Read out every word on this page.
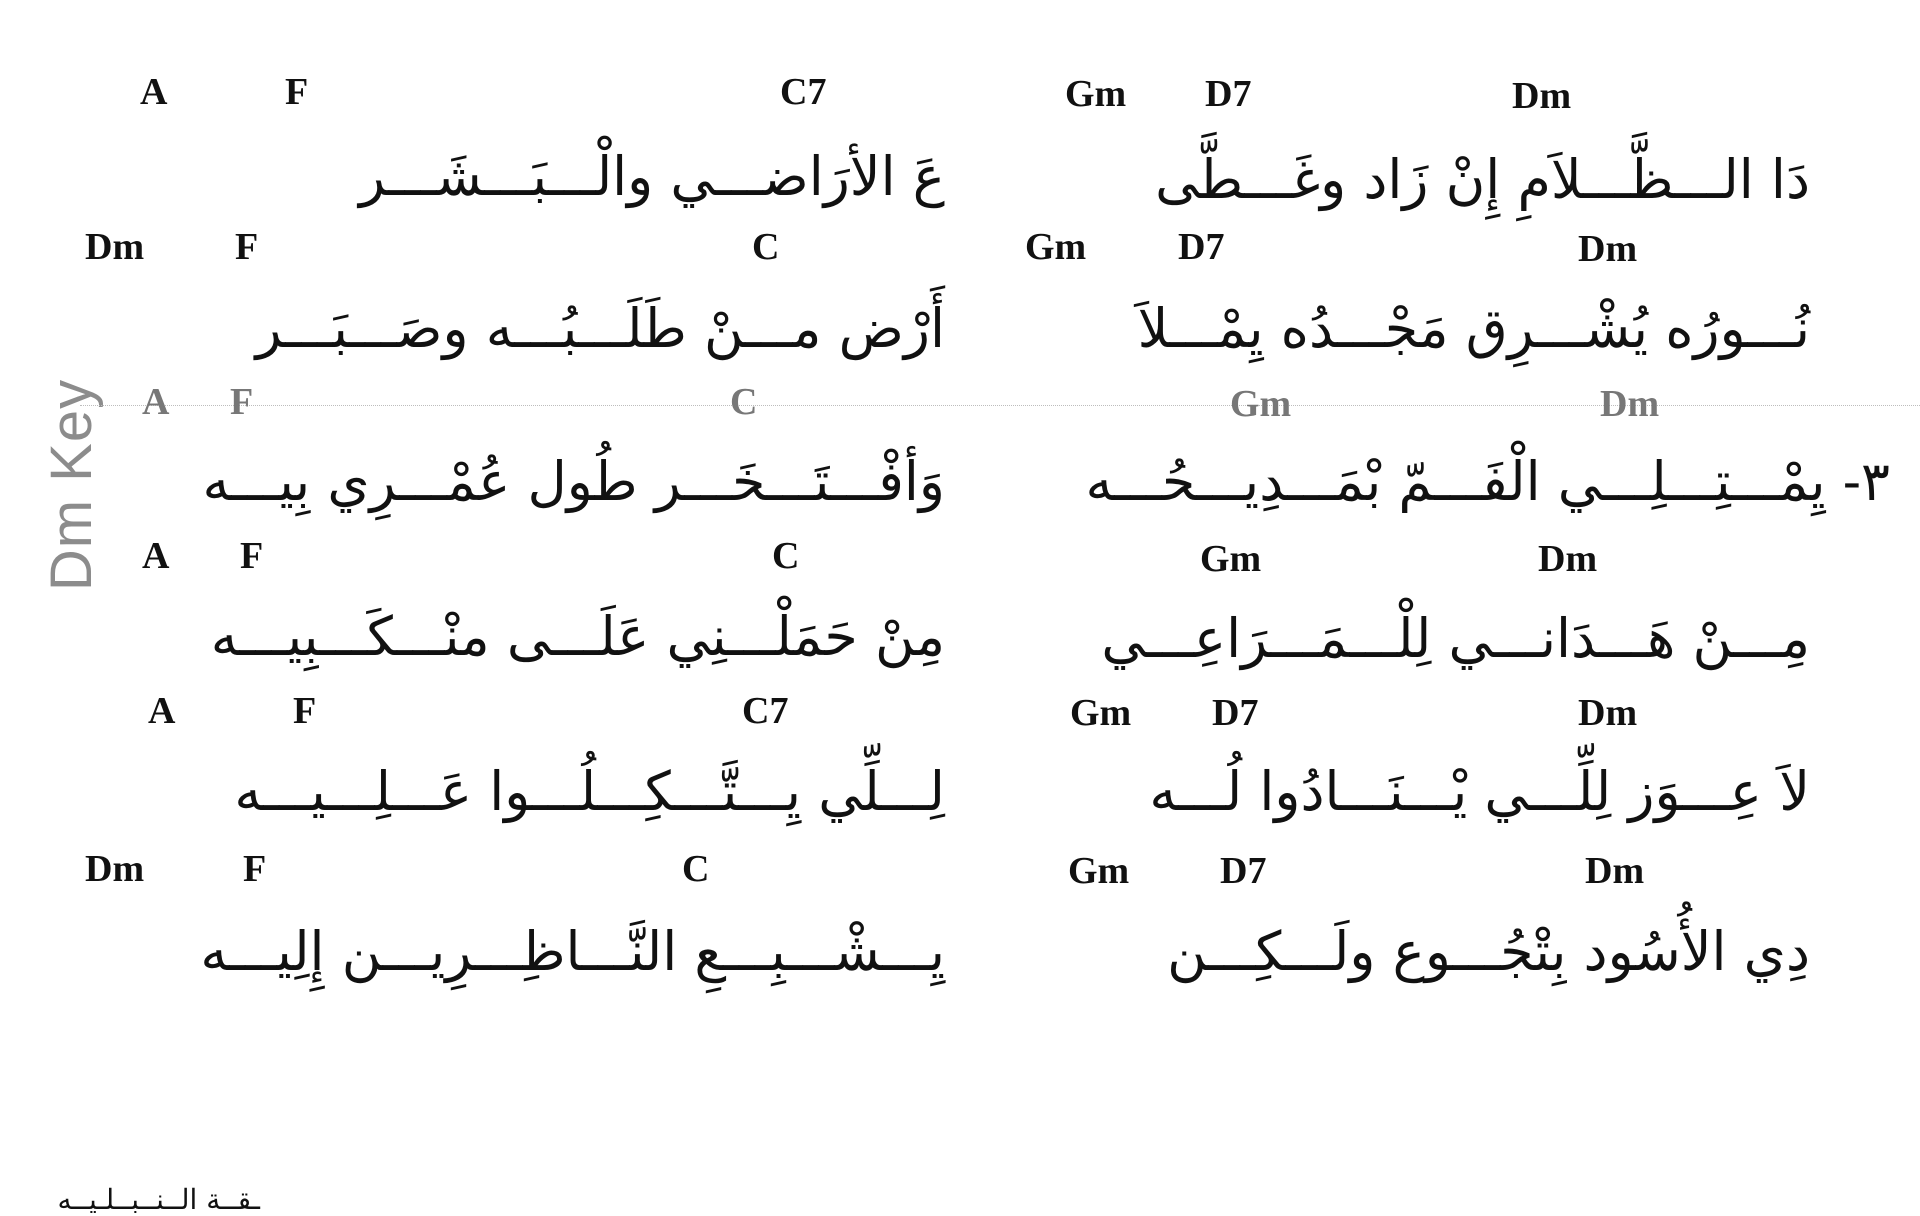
Dm Key
A	F	C7	Gm D7	Dm
عَ الأرَاضـــي والْـــبَـــشَـــر	دَا الـــظَّـــلاَمِ إِنْ زَاد وغَـــطَّى
Dm F	C	Gm D7	Dm
أَرْض مـــنْ طَلَـــبُـــه وصَـــبَـــر	نُـــورُه يُشْـــرِق مَجْـــدُه يِمْـــلاَ
A F	C	Gm	Dm
وَأفْـــتَـــخَـــر طُول عُمْـــرِي بِيـــه	٣- يِمْـــتِـــلِـــي الْفَـــمّ بْمَـــدِيـــحُـــه
A F	C	Gm	Dm
مِنْ حَمَلْـــنِي عَلَـــى منْـــكَـــبِيـــه	مِـــنْ هَـــدَانـــي لِلْـــمَـــرَاعِـــي
A	F	C7	Gm D7	Dm
لِـــلِّي يِـــتَّـــكِـــلُـــوا عَـــلِـــيـــه	لاَ عِـــوَز لِلِّـــي يْـــنَـــادُوا لُـــه
Dm	F	C	Gm D7	Dm
يِـــشْـــبِـــعِ النَّـــاظِـــرِيـــن إِلِيـــه	دِي الأُسُود بِتْجُـــوع ولَـــكِـــن
ـقــة الــنــبــلـيــه
